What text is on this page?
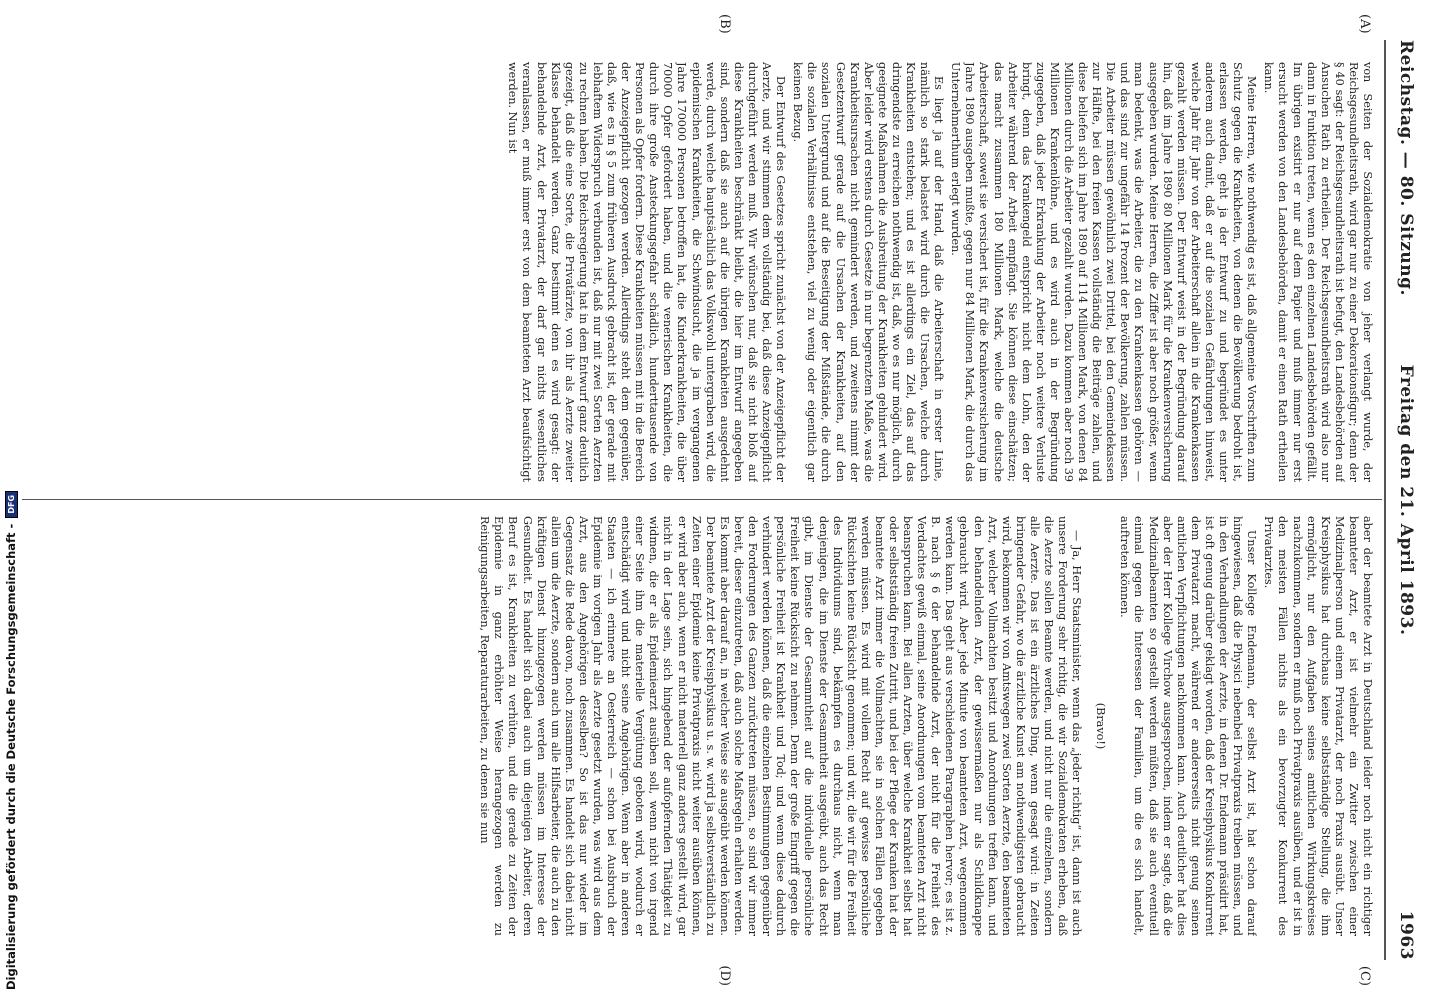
Reichstag. — 80. Sitzung.
Freitag den 21. April 1893.
1963
(A)
(B)
(C)
(D)

von Seiten der Sozialdemokratie von jeher verlangt wurde, der Reichsgesundheitsrath, wird gar nur zu einer Dekorationsfigur; denn der § 40 sagt: der Reichsgesundheitsrath ist befugt, den Landesbehörden auf Ansuchen Rath zu ertheilen. Der Reichsgesundheitsrath wird also nur dann in Funktion treten, wenn es den einzelnen Landesbehörden gefällt. Im übrigen existirt er nur auf dem Papier und muß immer nur erst ersucht werden von den Landesbehörden, damit er einen Rath ertheilen kann.

Meine Herren, wie nothwendig es ist, daß allgemeine Vorschriften zum Schutz gegen die Krankheiten, von denen die Bevölkerung bedroht ist, erlassen werden, geht ja der Entwurf zu und begründet es unter anderem auch damit, daß er auf die sozialen Gefährdungen hinweist, welche Jahr für Jahr von der Arbeiterschaft allein in die Krankenkassen gezahlt werden müssen. Der Entwurf weist in der Begründung darauf hin, daß im Jahre 1890 80 Millionen Mark für die Krankenversicherung ausgegeben wurden. Meine Herren, die Ziffer ist aber noch größer, wenn man bedenkt, was die Arbeiter, die zu den Krankenkassen gehören — und das sind zur ungefähr 14 Prozent der Bevölkerung, zahlen müssen. Die Arbeiter müssen gewöhnlich zwei Drittel, bei den Gemeindekassen zur Hälfte, bei den freien Kassen vollständig die Beiträge zahlen, und diese beliefen sich im Jahre 1890 auf 114 Millionen Mark, von denen 84 Millionen durch die Arbeiter gezahlt wurden. Dazu kommen aber noch 39 Millionen Krankenlöhne, und es wird auch in der Begründung zugegeben, daß jeder Erkrankung der Arbeiter noch weitere Verluste bringt, denn das Krankengeld entspricht nicht dem Lohn, den der Arbeiter während der Arbeit empfängt. Sie können diese einschätzen; das macht zusammen 180 Millionen Mark, welche die deutsche Arbeiterschaft, soweit sie versichert ist, für die Krankenversicherung im Jahre 1890 ausgeben mußte, gegen nur 84 Millionen Mark, die durch das Unternehmerthum erlegt wurden.

Es liegt ja auf der Hand, daß die Arbeiterschaft in erster Linie, nämlich so stark belastet wird durch die Ursachen, welche durch Krankheiten entstehen; und es ist allerdings ein Ziel, das auf das dringendste zu erreichen nothwendig ist, daß, wo es nur möglich, durch geeignete Maßnahmen die Ausbreitung der Krankheiten gehindert wird. Aber leider wird erstens durch Gesetze in nur begrenztem Maße, was die Krankheitsursachen nicht gemindert werden, und zweitens nimmt der Gesetzentwurf gerade auf die Ursachen der Krankheiten, auf den sozialen Untergrund und auf die Beseitigung der Mißstände, die durch die sozialen Verhältnisse entstehen, viel zu wenig oder eigentlich gar keinen Bezug.

Der Entwurf des Gesetzes spricht zunächst von der Anzeigepflicht der Aerzte, und wir stimmen dem vollständig bei, daß diese Anzeigepflicht durchgeführt werden muß. Wir wünschen nur, daß sie nicht bloß auf diese Krankheiten beschränkt bleibt, die hier im Entwurf angegeben sind, sondern daß sie auch auf die übrigen Krankheiten ausgedehnt werde, durch welche hauptsächlich das Volkswohl untergraben wird, die epidemischen Krankheiten, die Schwindsucht, die ja im vergangenen Jahre 170000 Personen betroffen hat, die Kinderkrankheiten, die über 70000 Opfer gefordert haben, und die venerischen Krankheiten, die durch ihre große Ansteckungsgefahr schädlich, hunderttausende von Personen als Opfer fordern. Diese Krankheiten müssen mit in die Bereich der Anzeigepflicht gezogen werden. Allerdings steht dem gegenüber, daß, wie es in § 5 zum früheren Ausdruck gebracht ist, der gerade mit lebhaftem Widerspruch verbunden ist, daß nur mit zwei Sorten Aerzten zu rechnen haben. Die Reichsregierung hat in dem Entwurf ganz deutlich gezeigt, daß die eine Sorte, die Privatärzte, von ihr als Aerzte zweiter Klasse behandelt werden. Ganz bestimmt denn es wird gesagt: der behandelnde Arzt, der Privatarzt, der darf gar nichts wesentliches veranlassen, er muß immer erst von dem beamteten Arzt beaufsichtigt werden. Nun ist

aber der beamtete Arzt in Deutschland leider noch nicht ein richtiger beamteter Arzt, er ist vielmehr ein Zwitter zwischen einer Medizinalperson und einem Privatarzt, der noch Praxis ausübt. Unser Kreisphysikus hat durchaus keine selbstständige Stellung, die ihm ermöglicht, nur den Aufgaben seines amtlichen Wirkungskreises nachzukommen, sondern er muß noch Privatpraxis ausüben, und er ist in den meisten Fällen nichts als ein bevorzugter Konkurrent des Privatarztes.

Unser Kollege Endemann, der selbst Arzt ist, hat schon darauf hingewiesen, daß die Physici nebenbei Privatpraxis treiben müssen, und in den Verhandlungen der Aerzte, in denen Dr. Endemann präsidirt hat, ist oft genug darüber geklagt worden, daß der Kreisphysikus Konkurrent dem Privatarzt macht, während er andererseits nicht genug seinen amtlichen Verpflichtungen nachkommen kann. Auch deutlicher hat dies aber der Herr Kollege Virchow ausgesprochen, indem er sagte, daß die Medizinalbeamten so gestellt werden müßten, daß sie auch eventuell einmal gegen die Interessen der Familien, um die es sich handelt, auftreten können.

(Bravo!)

— Ja, Herr Staatsminister, wenn das „jeder richtig“ ist, dann ist auch unsere Forderung sehr richtig, die wir Sozialdemokraten erheben, daß die Aerzte sollen Beamte werden, und nicht nur die einzelnen, sondern alle Aerzte. Das ist ein ärztliches Ding, wenn gesagt wird: in Zeiten bringender Gefahr, wo die ärztliche Kunst am nothwendigsten gebraucht wird, bekommen wir von Amtswegen zwei Sorten Aerzte, den beamteten Arzt, welcher Vollmachten besitzt und Anordnungen treffen kann, und den behandelnden Arzt, der gewissermaßen nur als Schildknappe gebraucht wird. Aber jede Minute von beamteten Arzt, wegenommen werden kann. Das geht aus verschiedenen Paragraphen hervor; es ist z. B. nach § 6 der behandelnde Arzt, der nicht für die Freiheit des Verdachtes gewiß einmal, seine Anordnungen vom beamteten Arzt nicht beanspruchen kann. Bei allen Arzten, über welche Krankheit selbst hat oder selbstständig freien Zutritt, und bei der Pflege der Kranken hat der beamtete Arzt immer die Vollmachten, sie in solchen Fällen gegeben werden müssen. Es wird mit vollem Recht auf gewisse persönliche Rücksichten keine Rücksicht genommen; und wir, die wir für die Freiheit des Individuums sind, bekämpfen es durchaus nicht, wenn man denjenigen, die im Dienste der Gesammtheit ausgeübt, auch das Recht gibt, im Dienste der Gesammtheit auf die individuelle persönliche Freiheit keine Rücksicht zu nehmen. Denn der große Eingriff gegen die persönliche Freiheit ist Krankheit und Tod; und wenn diese dadurch verhindert werden können, daß die einzelnen Bestimmungen gegenüber den Forderungen des Ganzen zurücktreten müssen, so sind wir immer bereit, dieser einzutreten, daß auch solche Maßregeln erhalten werden. Es kommt aber darauf an, in welcher Weise sie ausgeübt werden können. Der beamtete Arzt der Kreisphysikus u. s. w. wird ja selbstverständlich zu Zeiten einer Epidemie keine Privatpraxis nicht weiter ausüben können, er wird aber auch, wenn er nicht materiell ganz anders gestellt wird, gar nicht in der Lage sein, sich hingebend der aufopfernden Thätigkeit zu widmen, die er als Epidemiearzt ausüben soll, wenn nicht von irgend einer Seite ihm die materielle Vergütung geboten wird, wodurch er entschädigt wird und nicht seine Angehörigen. Wenn aber in anderen Staaten — ich erinnere an Oesterreich — schon bei Ausbruch der Epidemie im vorigen Jahr als Aerzte gesetzt wurden, was wird aus dem Arzt, aus den Angehörigen desselben? So ist das nur wieder im Gegensatz die Rede davon, noch zusammen. Es handelt sich dabei nicht allein um die Aerzte, sondern auch um alle Hilfsarbeiter, die auch zu den kräftigen Dienst hinzugezogen werden müssen im Interesse der Gesundheit. Es handelt sich dabei auch um diejenigen Arbeiter, deren Beruf es ist, Krankheiten zu verhüten, und die gerade zu Zeiten der Epidemie in ganz erhöhter Weise herangezogen werden zu Reinigungsarbeiten, Reparaturarbeiten, zu denen sie nun

Digitalisierung gefördert durch die Deutsche Forschungsgemeinschaft -DFG
